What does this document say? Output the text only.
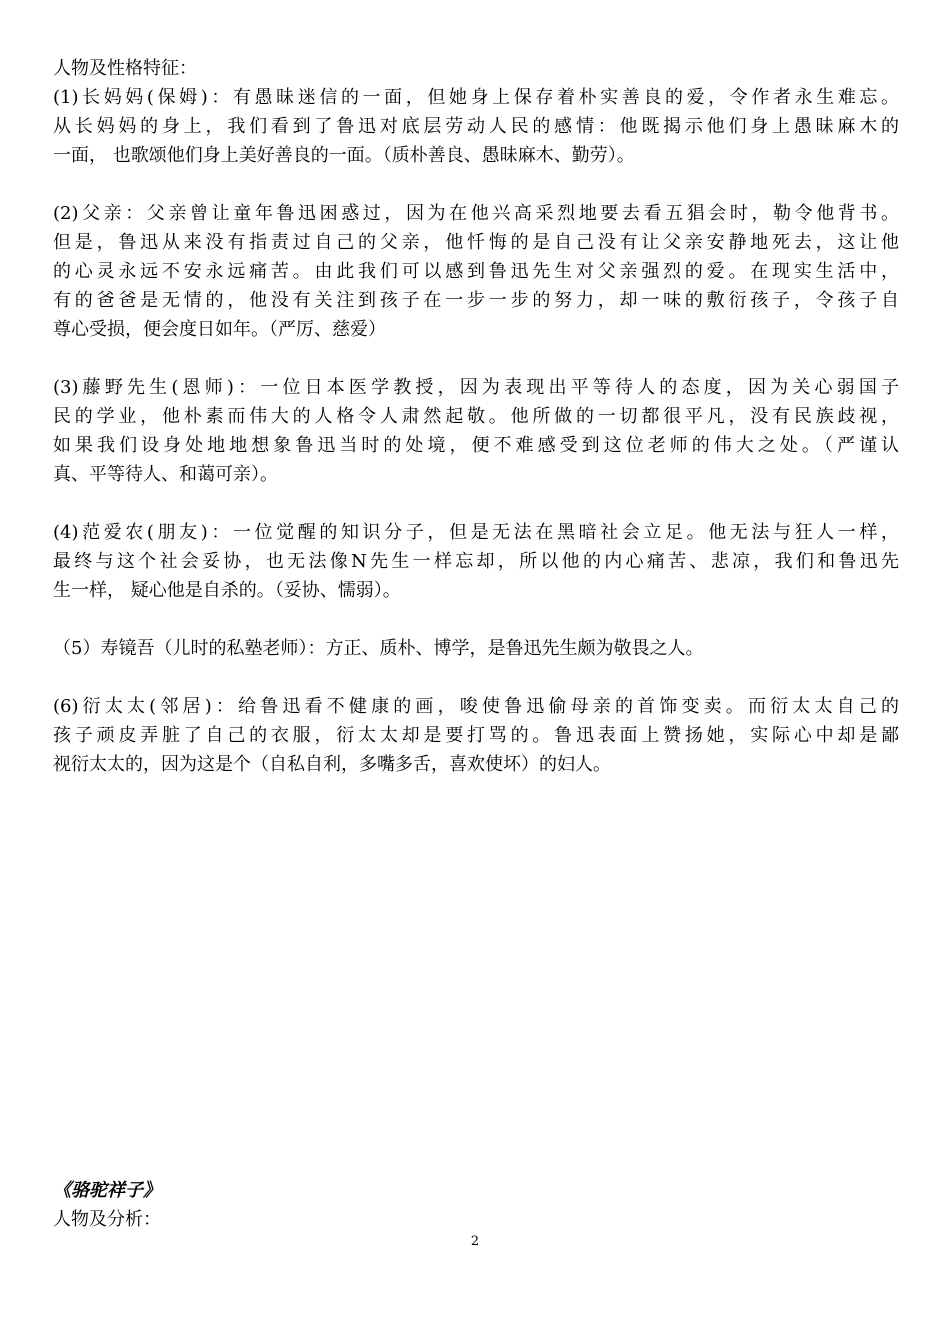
人物及性格特征：
(1)长妈妈(保姆)：有愚昧迷信的一面，但她身上保存着朴实善良的爱，令作者永生难忘。
从长妈妈的身上，我们看到了鲁迅对底层劳动人民的感情：他既揭示他们身上愚昧麻木的
一面， 也歌颂他们身上美好善良的一面。（质朴善良、愚昧麻木、勤劳）。
(2)父亲：父亲曾让童年鲁迅困惑过，因为在他兴高采烈地要去看五猖会时，勒令他背书。
但是，鲁迅从来没有指责过自己的父亲，他忏悔的是自己没有让父亲安静地死去，这让他
的心灵永远不安永远痛苦。由此我们可以感到鲁迅先生对父亲强烈的爱。在现实生活中，
有的爸爸是无情的，他没有关注到孩子在一步一步的努力，却一味的敷衍孩子，令孩子自
尊心受损，便会度日如年。（严厉、慈爱）
(3)藤野先生(恩师)：一位日本医学教授，因为表现出平等待人的态度，因为关心弱国子
民的学业，他朴素而伟大的人格令人肃然起敬。他所做的一切都很平凡，没有民族歧视，
如果我们设身处地地想象鲁迅当时的处境，便不难感受到这位老师的伟大之处。（严谨认
真、平等待人、和蔼可亲）。
(4)范爱农(朋友)：一位觉醒的知识分子，但是无法在黑暗社会立足。他无法与狂人一样，
最终与这个社会妥协，也无法像N先生一样忘却，所以他的内心痛苦、悲凉，我们和鲁迅先
生一样， 疑心他是自杀的。（妥协、懦弱）。
（5）寿镜吾（儿时的私塾老师）：方正、质朴、博学，是鲁迅先生颇为敬畏之人。
(6)衍太太(邻居)：给鲁迅看不健康的画，唆使鲁迅偷母亲的首饰变卖。而衍太太自己的
孩子顽皮弄脏了自己的衣服，衍太太却是要打骂的。鲁迅表面上赞扬她，实际心中却是鄙
视衍太太的，因为这是个（自私自利，多嘴多舌，喜欢使坏）的妇人。
《骆驼祥子》
人物及分析：
2
